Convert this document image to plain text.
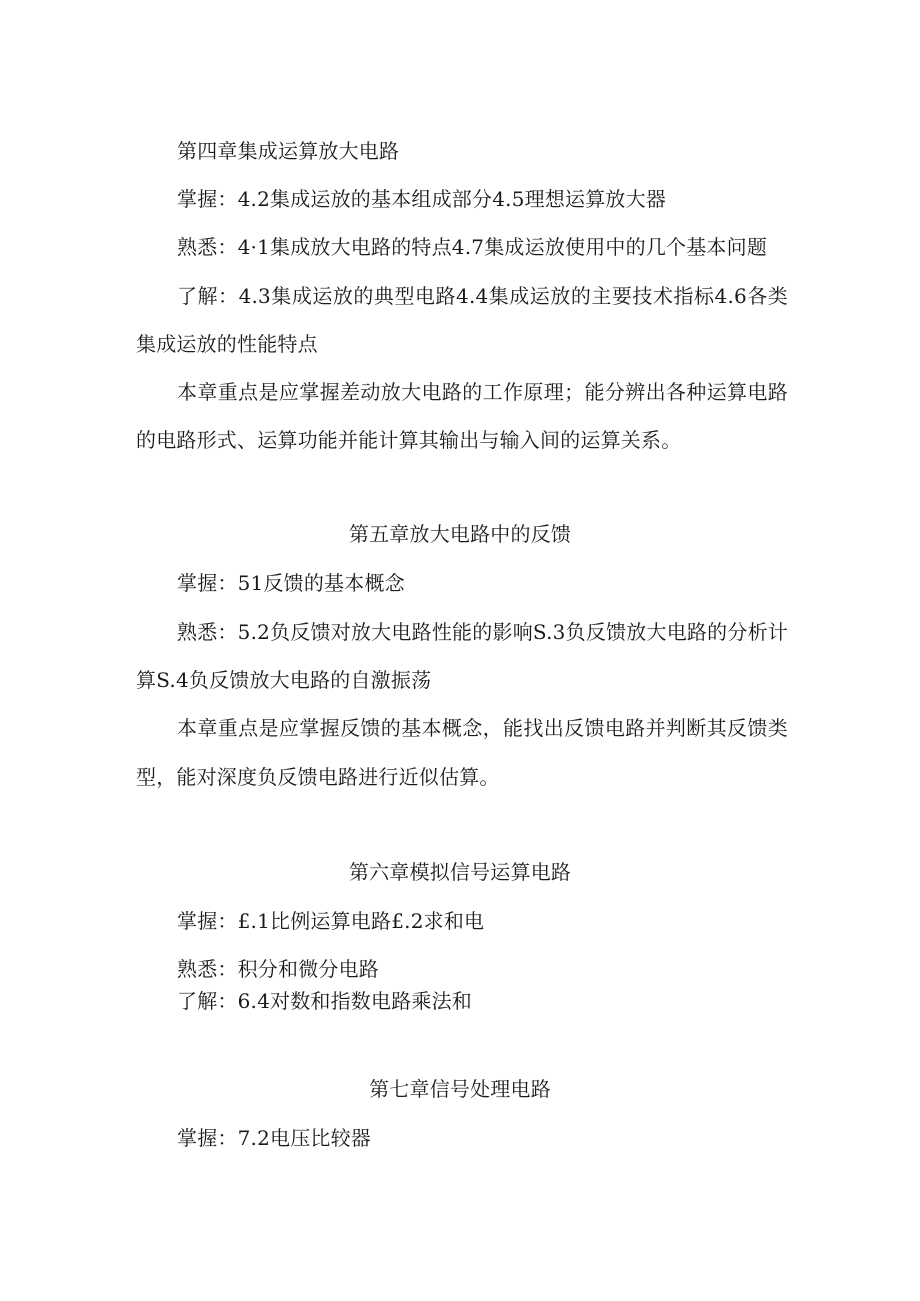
第四章集成运算放大电路
掌握：4.2集成运放的基本组成部分4.5理想运算放大器
熟悉：4·1集成放大电路的特点4.7集成运放使用中的几个基本问题
了解：4.3集成运放的典型电路4.4集成运放的主要技术指标4.6各类
集成运放的性能特点
本章重点是应掌握差动放大电路的工作原理；能分辨出各种运算电路
的电路形式、运算功能并能计算其输出与输入间的运算关系。
第五章放大电路中的反馈
掌握：51反馈的基本概念
熟悉：5.2负反馈对放大电路性能的影响S.3负反馈放大电路的分析计
算S.4负反馈放大电路的自激振荡
本章重点是应掌握反馈的基本概念，能找出反馈电路并判断其反馈类
型，能对深度负反馈电路进行近似估算。
第六章模拟信号运算电路
掌握：£.1比例运算电路£.2求和电
熟悉：积分和微分电路
了解：6.4对数和指数电路乘法和
第七章信号处理电路
掌握：7.2电压比较器
